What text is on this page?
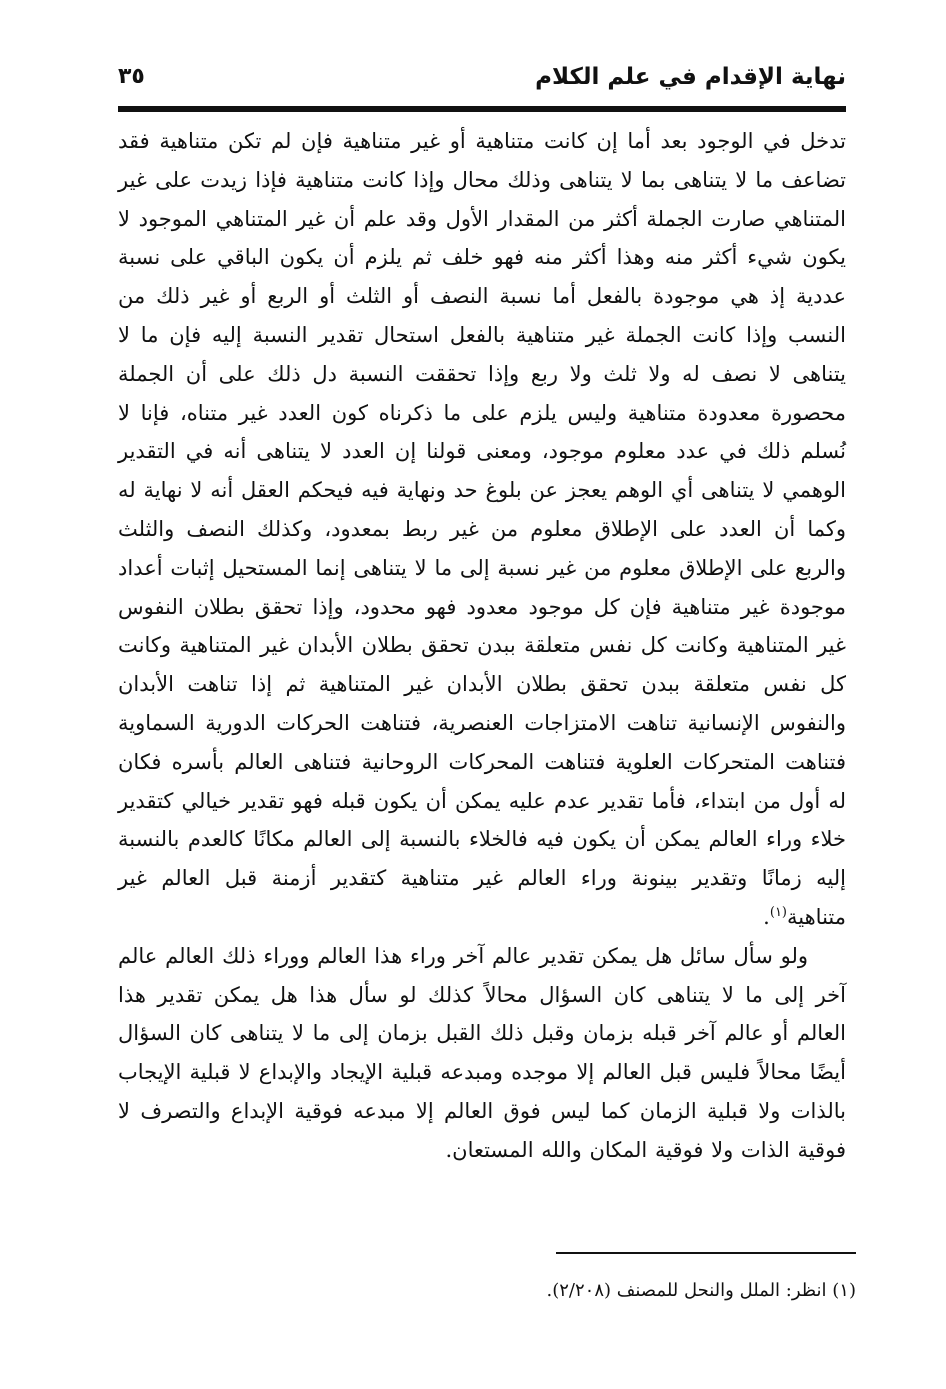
نهاية الإقدام في علم الكلام
٣٥

تدخل في الوجود بعد أما إن كانت متناهية أو غير متناهية فإن لم تكن متناهية فقد تضاعف ما لا يتناهى بما لا يتناهى وذلك محال وإذا كانت متناهية فإذا زيدت على غير المتناهي صارت الجملة أكثر من المقدار الأول وقد علم أن غير المتناهي الموجود لا يكون شيء أكثر منه وهذا أكثر منه فهو خلف ثم يلزم أن يكون الباقي على نسبة عددية إذ هي موجودة بالفعل أما نسبة النصف أو الثلث أو الربع أو غير ذلك من النسب وإذا كانت الجملة غير متناهية بالفعل استحال تقدير النسبة إليه فإن ما لا يتناهى لا نصف له ولا ثلث ولا ربع وإذا تحققت النسبة دل ذلك على أن الجملة محصورة معدودة متناهية وليس يلزم على ما ذكرناه كون العدد غير متناه، فإنا لا نُسلم ذلك في عدد معلوم موجود، ومعنى قولنا إن العدد لا يتناهى أنه في التقدير الوهمي لا يتناهى أي الوهم يعجز عن بلوغ حد ونهاية فيه فيحكم العقل أنه لا نهاية له وكما أن العدد على الإطلاق معلوم من غير ربط بمعدود، وكذلك النصف والثلث والربع على الإطلاق معلوم من غير نسبة إلى ما لا يتناهى إنما المستحيل إثبات أعداد موجودة غير متناهية فإن كل موجود معدود فهو محدود، وإذا تحقق بطلان النفوس غير المتناهية وكانت كل نفس متعلقة ببدن تحقق بطلان الأبدان غير المتناهية وكانت كل نفس متعلقة ببدن تحقق بطلان الأبدان غير المتناهية ثم إذا تناهت الأبدان والنفوس الإنسانية تناهت الامتزاجات العنصرية، فتناهت الحركات الدورية السماوية فتناهت المتحركات العلوية فتناهت المحركات الروحانية فتناهى العالم بأسره فكان له أول من ابتداء، فأما تقدير عدم عليه يمكن أن يكون قبله فهو تقدير خيالي كتقدير خلاء وراء العالم يمكن أن يكون فيه فالخلاء بالنسبة إلى العالم مكانًا كالعدم بالنسبة إليه زمانًا وتقدير بينونة وراء العالم غير متناهية كتقدير أزمنة قبل العالم غير متناهية$^{(١)}$.

ولو سأل سائل هل يمكن تقدير عالم آخر وراء هذا العالم ووراء ذلك العالم عالم آخر إلى ما لا يتناهى كان السؤال محالاً كذلك لو سأل هذا هل يمكن تقدير هذا العالم أو عالم آخر قبله بزمان وقبل ذلك القبل بزمان إلى ما لا يتناهى كان السؤال أيضًا محالاً فليس قبل العالم إلا موجده ومبدعه قبلية الإيجاد والإبداع لا قبلية الإيجاب بالذات ولا قبلية الزمان كما ليس فوق العالم إلا مبدعه فوقية الإبداع والتصرف لا فوقية الذات ولا فوقية المكان والله المستعان.

(١) انظر: الملل والنحل للمصنف (٢/٢٠٨).
